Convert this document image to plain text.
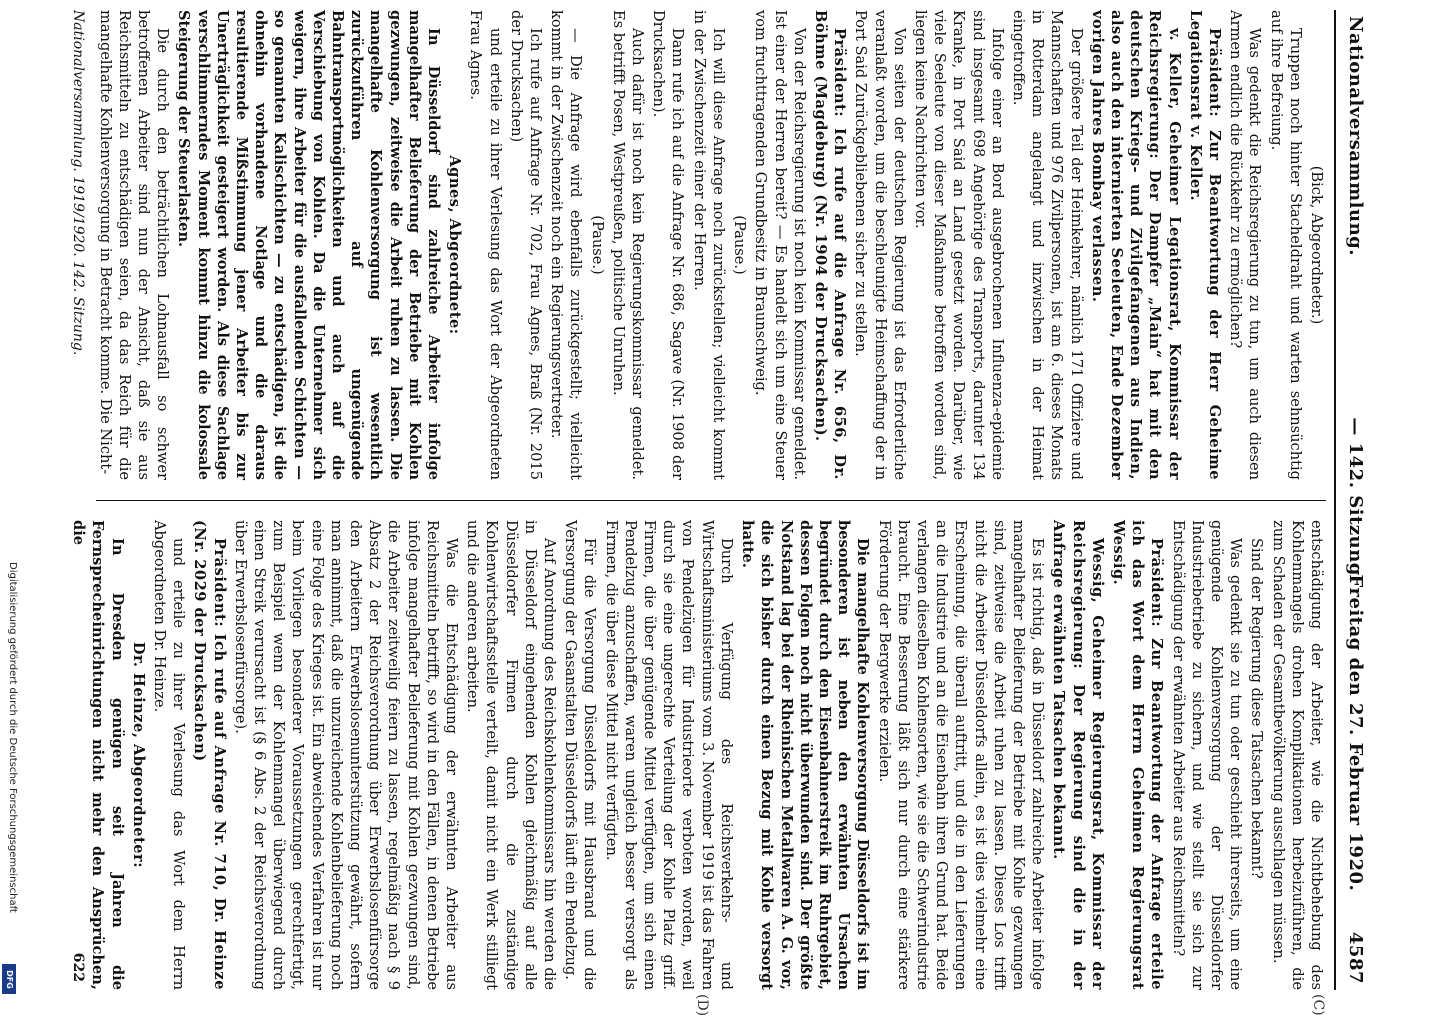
Nationalversammlung.
— 142. Sitzung.
Freitag den 27. Februar 1920.      4587
(C)
(D)

(Bick, Abgeordneter.)

Truppen noch hinter Stacheldraht und warten sehnsüchtig auf ihre Befreiung.

Was gedenkt die Reichsregierung zu tun, um auch diesen Armen endlich die Rückkehr zu ermöglichen?

Präsident: Zur Beantwortung der Herr Geheime Legationsrat v. Keller.

v. Keller, Geheimer Legationsrat, Kommissar der Reichsregierung: Der Dampfer „Main“ hat mit den deutschen Kriegs- und Zivilgefangenen aus Indien, also auch den internierten Seeleuten, Ende Dezember vorigen Jahres Bombay verlassen.

Der größere Teil der Heimkehrer, nämlich 171 Offiziere und Mannschaften und 976 Zivilpersonen, ist am 6. dieses Monats in Rotterdam angelangt und inzwischen in der Heimat eingetroffen.

Infolge einer an Bord ausgebrochenen Influenza-epidemie sind insgesamt 698 Angehörige des Transports, darunter 134 Kranke, in Port Said an Land gesetzt worden. Darüber, wie viele Seeleute von dieser Maßnahme betroffen worden sind, liegen keine Nachrichten vor.

Von seiten der deutschen Regierung ist das Erforderliche veranlaßt worden, um die beschleunigte Heimschaffung der in Port Said Zurückgebliebenen sicher zu stellen.

Präsident: Ich rufe auf die Anfrage Nr. 656, Dr. Böhme (Magdeburg) (Nr. 1904 der Drucksachen).

Von der Reichsregierung ist noch kein Kommissar gemeldet. Ist einer der Herren bereit? — Es handelt sich um eine Steuer vom fruchttragenden Grundbesitz in Braunschweig.

(Pause.)

Ich will diese Anfrage noch zurückstellen; vielleicht kommt in der Zwischenzeit einer der Herren.

Dann rufe ich auf die Anfrage Nr. 686, Sagave (Nr. 1908 der Drucksachen).

Auch dafür ist noch kein Regierungskommissar gemeldet. Es betrifft Posen, Westpreußen, politische Unruhen.

(Pause.)

— Die Anfrage wird ebenfalls zurückgestellt; vielleicht kommt in der Zwischenzeit noch ein Regierungsvertreter.

Ich rufe auf Anfrage Nr. 702, Frau Agnes, Braß (Nr. 2015 der Drucksachen)

und erteile zu ihrer Verlesung das Wort der Abgeordneten Frau Agnes.

Agnes, Abgeordnete:

In Düsseldorf sind zahlreiche Arbeiter infolge mangelhafter Belieferung der Betriebe mit Kohlen gezwungen, zeitweise die Arbeit ruhen zu lassen. Die mangelhafte Kohlenversorgung ist wesentlich zurückzuführen auf ungenügende Bahntransportmöglichkeiten und auch auf die Verschiebung von Kohlen. Da die Unternehmer sich weigern, ihre Arbeiter für die ausfallenden Schichten — so genannten Kalischichten — zu entschädigen, ist die ohnehin vorhandene Notlage und die daraus resultierende Mißstimmung jener Arbeiter bis zur Unerträglichkeit gesteigert worden. Als diese Sachlage verschlimmerndes Moment kommt hinzu die kolossale Steigerung der Steuerlasten.

Die durch den beträchtlichen Lohnausfall so schwer betroffenen Arbeiter sind nun der Ansicht, daß sie aus Reichsmitteln zu entschädigen seien, da das Reich für die mangelhafte Kohlenversorgung in Betracht komme. Die Nicht-

entschädigung der Arbeiter, wie die Nichtbehebung des Kohlenmangels drohen Komplikationen herbeizuführen, die zum Schaden der Gesamtbevölkerung ausschlagen müssen.

Sind der Regierung diese Tatsachen bekannt?

Was gedenkt sie zu tun oder geschieht ihrerseits, um eine genügende Kohlenversorgung der Düsseldorfer Industriebetriebe zu sichern, und wie stellt sie sich zur Entschädigung der erwähnten Arbeiter aus Reichsmitteln?

Präsident: Zur Beantwortung der Anfrage erteile ich das Wort dem Herrn Geheimen Regierungsrat Wessig.

Wessig, Geheimer Regierungsrat, Kommissar der Reichsregierung: Der Regierung sind die in der Anfrage erwähnten Tatsachen bekannt.

Es ist richtig, daß in Düsseldorf zahlreiche Arbeiter infolge mangelhafter Belieferung der Betriebe mit Kohle gezwungen sind, zeitweise die Arbeit ruhen zu lassen. Dieses Los trifft nicht die Arbeiter Düsseldorfs allein, es ist dies vielmehr eine Erscheinung, die überall auftritt, und die in den Lieferungen an die Industrie und an die Eisenbahn ihren Grund hat. Beide verlangen dieselben Kohlensorten, wie sie die Schwerindustrie braucht. Eine Besserung läßt sich nur durch eine stärkere Förderung der Bergwerke erzielen.

Die mangelhafte Kohlenversorgung Düsseldorfs ist im besonderen ist neben den erwähnten Ursachen begründet durch den Eisenbahnerstreik im Ruhrgebiet, dessen Folgen noch nicht überwunden sind. Der größte Notstand lag bei der Rheinischen Metallwaren A. G. vor, die sich bisher durch einen Bezug mit Kohle versorgt hatte.

Durch Verfügung des Reichsverkehrs- und Wirtschaftsministeriums vom 3. November 1919 ist das Fahren von Pendelzügen für Industrieorte verboten worden, weil durch sie eine ungerechte Verteilung der Kohle Platz griff. Firmen, die über genügende Mittel verfügten, um sich einen Pendelzug anzuschaffen, waren ungleich besser versorgt als Firmen, die über diese Mittel nicht verfügten.

Für die Versorgung Düsseldorfs mit Hausbrand und die Versorgung der Gasanstalten Düsseldorfs läuft ein Pendelzug.

Auf Anordnung des Reichskohlenkommissars hin werden die in Düsseldorf eingehenden Kohlen gleichmäßig auf alle Düsseldorfer Firmen durch die zuständige Kohlenwirtschaftsstelle verteilt, damit nicht ein Werk stilliegt und die anderen arbeiten.

Was die Entschädigung der erwähnten Arbeiter aus Reichsmitteln betrifft, so wird in den Fällen, in denen Betriebe infolge mangelhafter Belieferung mit Kohlen gezwungen sind, die Arbeiter zeitweilig feiern zu lassen, regelmäßig nach § 9 Absatz 2 der Reichsverordnung über Erwerbslosenfürsorge den Arbeitern Erwerbslosenunterstützung gewährt, sofern man annimmt, daß die unzureichende Kohlenbelieferung noch eine Folge des Krieges ist. Ein abweichendes Verfahren ist nur beim Vorliegen besonderer Voraussetzungen gerechtfertigt, zum Beispiel wenn der Kohlenmangel überwiegend durch einen Streik verursacht ist (§ 6 Abs. 2 der Reichsverordnung über Erwerbslosenfürsorge).

Präsident: Ich rufe auf Anfrage Nr. 710, Dr. Heinze (Nr. 2029 der Drucksachen)

und erteile zu ihrer Verlesung das Wort dem Herrn Abgeordneten Dr. Heinze.

Dr. Heinze, Abgeordneter:

In Dresden genügen seit Jahren die Fernsprecheinrichtungen nicht mehr den Ansprüchen, die

Nationalversammlung. 1919/1920. 142. Sitzung.
622
Digitalisierung gefördert durch die Deutsche Forschungsgemeinschaft
DFG
